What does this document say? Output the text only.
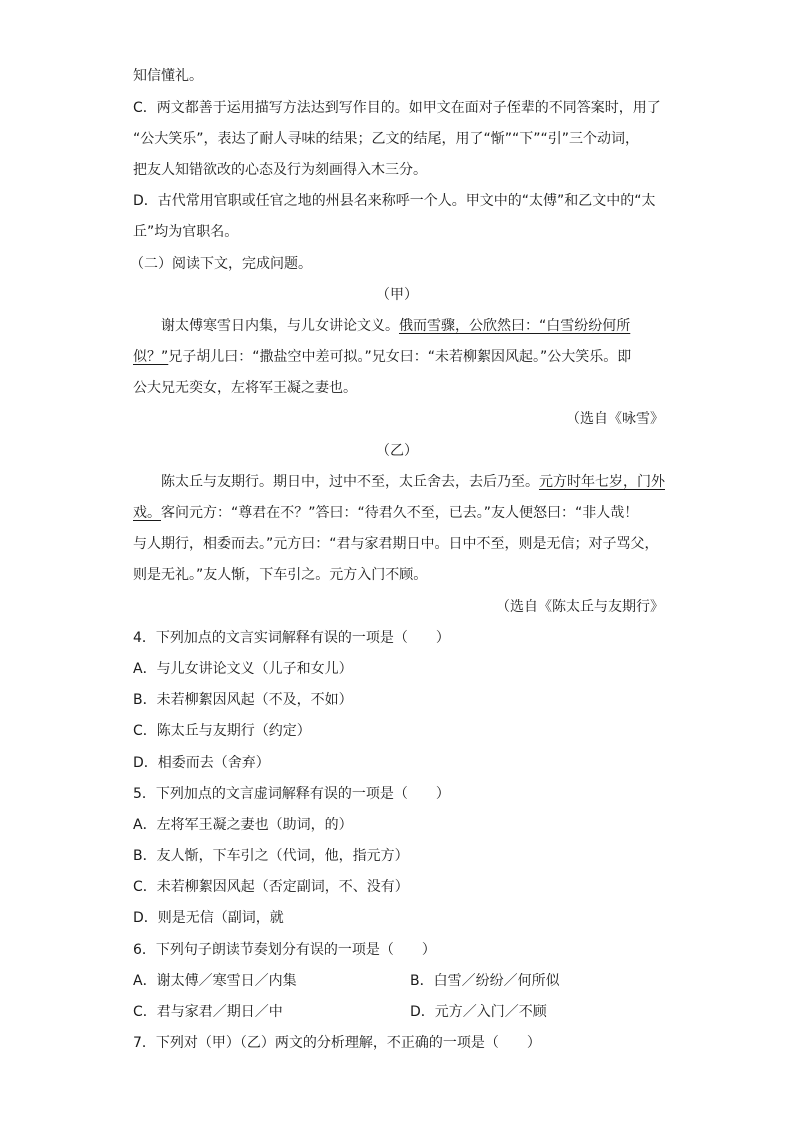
知信懂礼。
C．两文都善于运用描写方法达到写作目的。如甲文在面对子侄辈的不同答案时，用了
“公大笑乐”，表达了耐人寻味的结果；乙文的结尾，用了“惭”“下”“引”三个动词，
把友人知错欲改的心态及行为刻画得入木三分。
D．古代常用官职或任官之地的州县名来称呼一个人。甲文中的“太傅”和乙文中的“太
丘”均为官职名。
（二）阅读下文，完成问题。
（甲）
谢太傅寒雪日内集，与儿女讲论文义。俄而雪骤，公欣然曰：“白雪纷纷何所
似？”兄子胡儿曰：“撒盐空中差可拟。”兄女曰：“未若柳絮因风起。”公大笑乐。即
公大兄无奕女，左将军王凝之妻也。
（选自《咏雪》
（乙）
陈太丘与友期行。期日中，过中不至，太丘舍去，去后乃至。元方时年七岁，门外
戏。客问元方：“尊君在不？”答曰：“待君久不至，已去。”友人便怒曰：“非人哉！
与人期行，相委而去。”元方曰：“君与家君期日中。日中不至，则是无信；对子骂父，
则是无礼。”友人惭，下车引之。元方入门不顾。
（选自《陈太丘与友期行》
4．下列加点的文言实词解释有误的一项是（　　）
A．与儿女讲论文义（儿子和女儿）
B．未若柳絮因风起（不及，不如）
C．陈太丘与友期行（约定）
D．相委而去（舍弃）
5．下列加点的文言虚词解释有误的一项是（　　）
A．左将军王凝之妻也（助词，的）
B．友人惭，下车引之（代词，他，指元方）
C．未若柳絮因风起（否定副词，不、没有）
D．则是无信（副词，就
6．下列句子朗读节奏划分有误的一项是（　　）
A．谢太傅／寒雪日／内集	B．白雪／纷纷／何所似
C．君与家君／期日／中	D．元方／入门／不顾
7．下列对（甲）（乙）两文的分析理解，不正确的一项是（　　）
